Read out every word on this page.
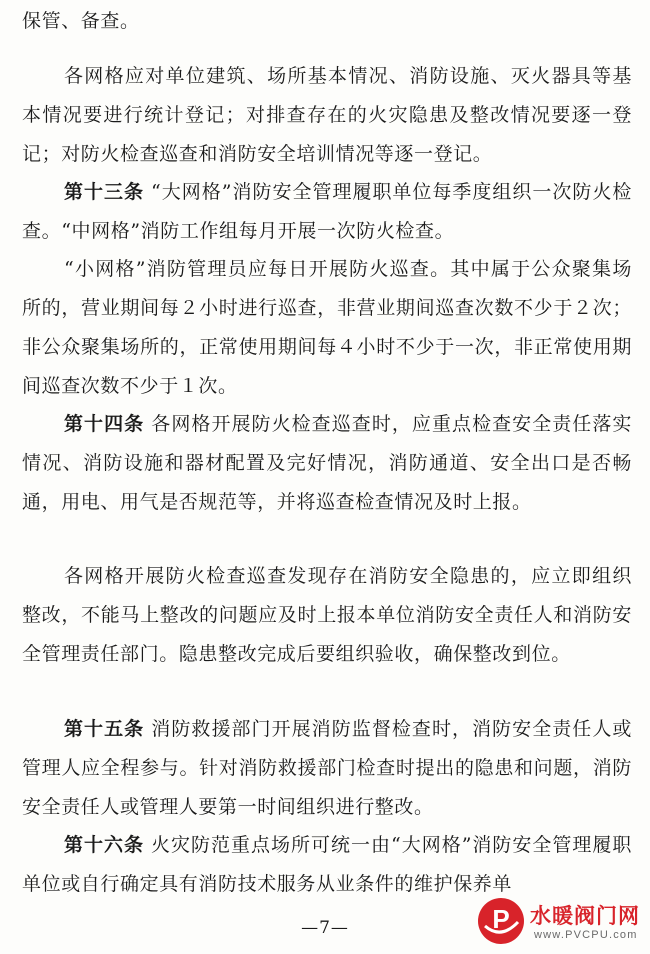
保管、备查。
各网格应对单位建筑、场所基本情况、消防设施、灭火器具等基本情况要进行统计登记；对排查存在的火灾隐患及整改情况要逐一登记；对防火检查巡查和消防安全培训情况等逐一登记。
第十三条 “大网格”消防安全管理履职单位每季度组织一次防火检查。“中网格”消防工作组每月开展一次防火检查。
“小网格”消防管理员应每日开展防火巡查。其中属于公众聚集场所的，营业期间每２小时进行巡查，非营业期间巡查次数不少于２次；非公众聚集场所的，正常使用期间每４小时不少于一次，非正常使用期间巡查次数不少于１次。
第十四条 各网格开展防火检查巡查时，应重点检查安全责任落实情况、消防设施和器材配置及完好情况，消防通道、安全出口是否畅通，用电、用气是否规范等，并将巡查检查情况及时上报。
各网格开展防火检查巡查发现存在消防安全隐患的，应立即组织整改，不能马上整改的问题应及时上报本单位消防安全责任人和消防安全管理责任部门。隐患整改完成后要组织验收，确保整改到位。
第十五条 消防救援部门开展消防监督检查时，消防安全责任人或管理人应全程参与。针对消防救援部门检查时提出的隐患和问题，消防安全责任人或管理人要第一时间组织进行整改。
第十六条 火灾防范重点场所可统一由“大网格”消防安全管理履职单位或自行确定具有消防技术服务从业条件的维护保养单
—7—	P 水暖阀门网
www.PVCPU.com
